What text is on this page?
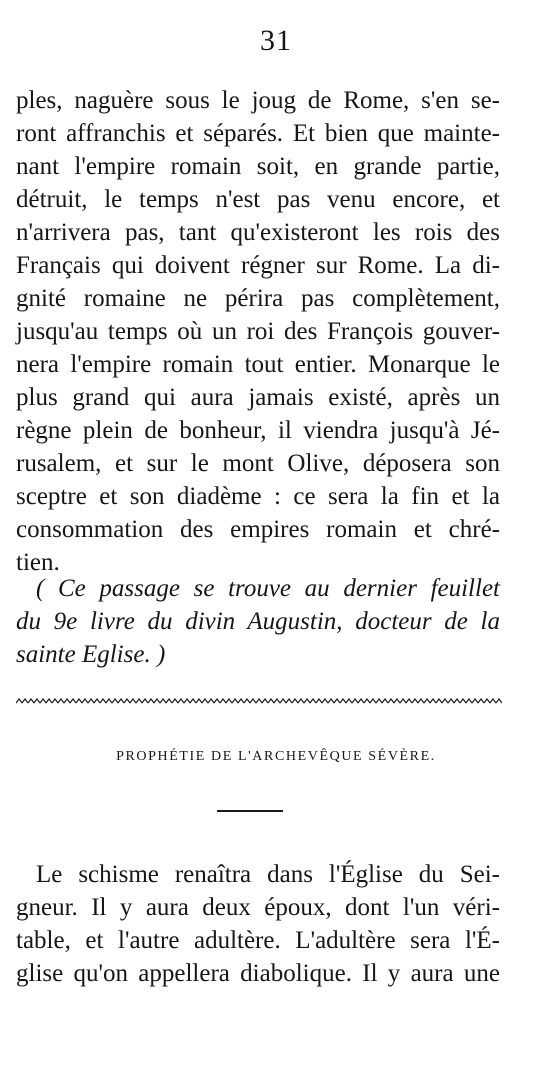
31
ples, naguère sous le joug de Rome, s'en se-
ront affranchis et séparés. Et bien que mainte-
nant l'empire romain soit, en grande partie,
détruit, le temps n'est pas venu encore, et
n'arrivera pas, tant qu'existeront les rois des
Français qui doivent régner sur Rome. La di-
gnité romaine ne périra pas complètement,
jusqu'au temps où un roi des François gouver-
nera l'empire romain tout entier. Monarque le
plus grand qui aura jamais existé, après un
règne plein de bonheur, il viendra jusqu'à Jé-
rusalem, et sur le mont Olive, déposera son
sceptre et son diadème : ce sera la fin et la
consommation des empires romain et chré-
tien.
( Ce passage se trouve au dernier feuillet
du 9e livre du divin Augustin, docteur de la
sainte Eglise. )
PROPHÉTIE DE L'ARCHEVÊQUE SÉVÈRE.
Le schisme renaîtra dans l'Église du Sei-
gneur. Il y aura deux époux, dont l'un véri-
table, et l'autre adultère. L'adultère sera l'É-
glise qu'on appellera diabolique. Il y aura une
